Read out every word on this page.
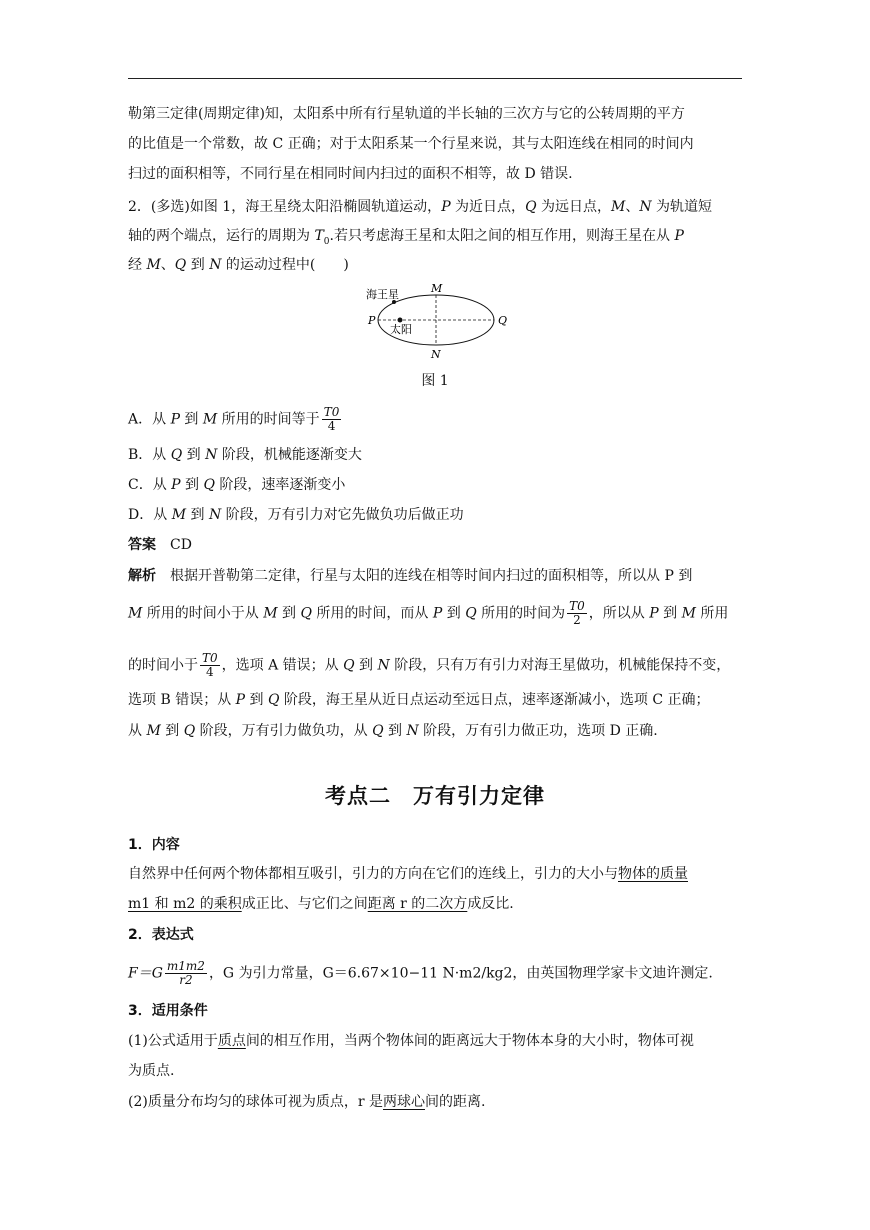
勒第三定律(周期定律)知，太阳系中所有行星轨道的半长轴的三次方与它的公转周期的平方
的比值是一个常数，故 C 正确；对于太阳系某一个行星来说，其与太阳连线在相同的时间内
扫过的面积相等，不同行星在相同时间内扫过的面积不相等，故 D 错误.
2．(多选)如图 1，海王星绕太阳沿椭圆轨道运动，P 为近日点，Q 为远日点，M、N 为轨道短
轴的两个端点，运行的周期为 $T_0$.若只考虑海王星和太阳之间的相互作用，则海王星在从 P
经 M、Q 到 N 的运动过程中(　　)
海王星
太阳
M
N
P	Q
图 1
A．从 P 到 M 所用的时间等于 $\frac{T0}{4}$
B．从 Q 到 N 阶段，机械能逐渐变大
C．从 P 到 Q 阶段，速率逐渐变小
D．从 M 到 N 阶段，万有引力对它先做负功后做正功
答案　 CD
解析　 根据开普勒第二定律，行星与太阳的连线在相等时间内扫过的面积相等，所以从 P 到
M 所用的时间小于从 M 到 Q 所用的时间，而从 P 到 Q 所用的时间为 $\frac{T0}{2}$ ，所以从 P 到 M 所用
的时间小于 $\frac{T0}{4}$ ，选项 A 错误；从 Q 到 N 阶段，只有万有引力对海王星做功，机械能保持不变，
选项 B 错误；从 P 到 Q 阶段，海王星从近日点运动至远日点，速率逐渐减小，选项 C 正确；
从 M 到 Q 阶段，万有引力做负功，从 Q 到 N 阶段，万有引力做正功，选项 D 正确.
考点二　万有引力定律
1．内容
自然界中任何两个物体都相互吸引，引力的方向在它们的连线上，引力的大小与物体的质量
m1 和 m2 的乘积成正比、与它们之间距离 r 的二次方成反比.
2．表达式
$F=G \frac{m1m2}{r2}$ ，G 为引力常量，G＝6.67×10−11 N·m2/kg2，由英国物理学家卡文迪许测定.
3．适用条件
(1)公式适用于质点间的相互作用，当两个物体间的距离远大于物体本身的大小时，物体可视
为质点.
(2)质量分布均匀的球体可视为质点，r 是两球心间的距离.
